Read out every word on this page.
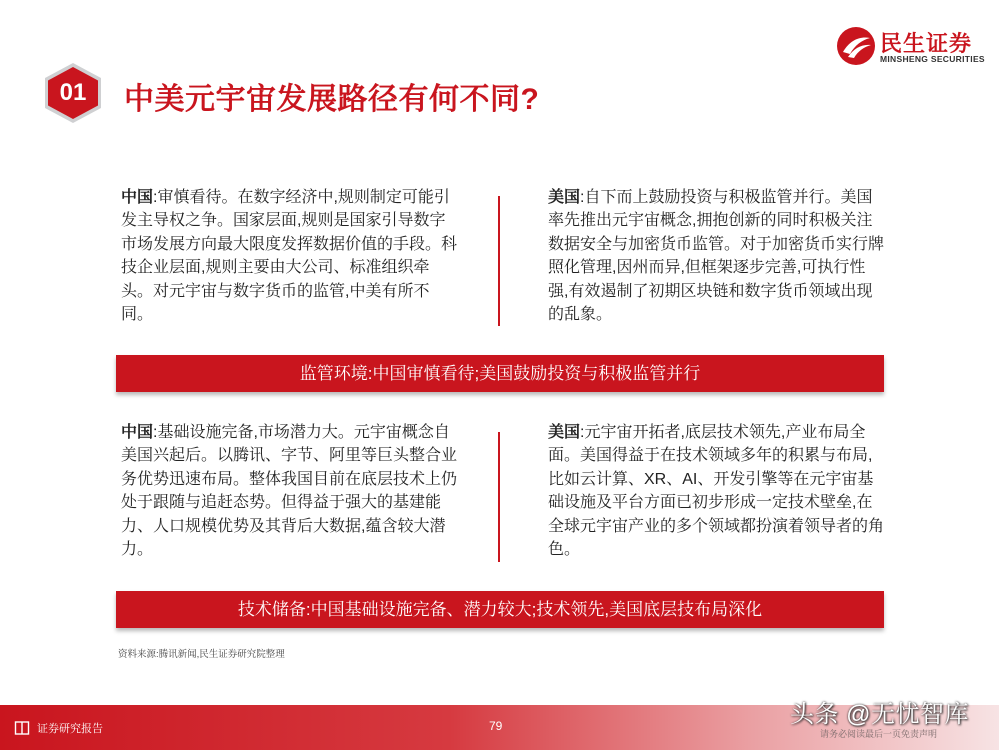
01	中美元宇宙发展路径有何不同?
民生证券
MINSHENG SECURITIES
中国:审慎看待。在数字经济中,规则制定可能引发主导权之争。国家层面,规则是国家引导数字市场发展方向最大限度发挥数据价值的手段。科技企业层面,规则主要由大公司、标准组织牵头。对元宇宙与数字货币的监管,中美有所不同。
美国:自下而上鼓励投资与积极监管并行。美国率先推出元宇宙概念,拥抱创新的同时积极关注数据安全与加密货币监管。对于加密货币实行牌照化管理,因州而异,但框架逐步完善,可执行性强,有效遏制了初期区块链和数字货币领域出现的乱象。
监管环境:中国审慎看待;美国鼓励投资与积极监管并行
中国:基础设施完备,市场潜力大。元宇宙概念自美国兴起后。以腾讯、字节、阿里等巨头整合业务优势迅速布局。整体我国目前在底层技术上仍处于跟随与追赶态势。但得益于强大的基建能力、人口规模优势及其背后大数据,蕴含较大潜力。
美国:元宇宙开拓者,底层技术领先,产业布局全面。美国得益于在技术领域多年的积累与布局,比如云计算、XR、AI、开发引擎等在元宇宙基础设施及平台方面已初步形成一定技术壁垒,在全球元宇宙产业的多个领域都扮演着领导者的角色。
技术储备:中国基础设施完备、潜力较大;技术领先,美国底层技布局深化
资料来源:腾讯新闻,民生证券研究院整理
证券研究报告	79
请务必阅读最后一页免责声明
头条 @无忧智库
